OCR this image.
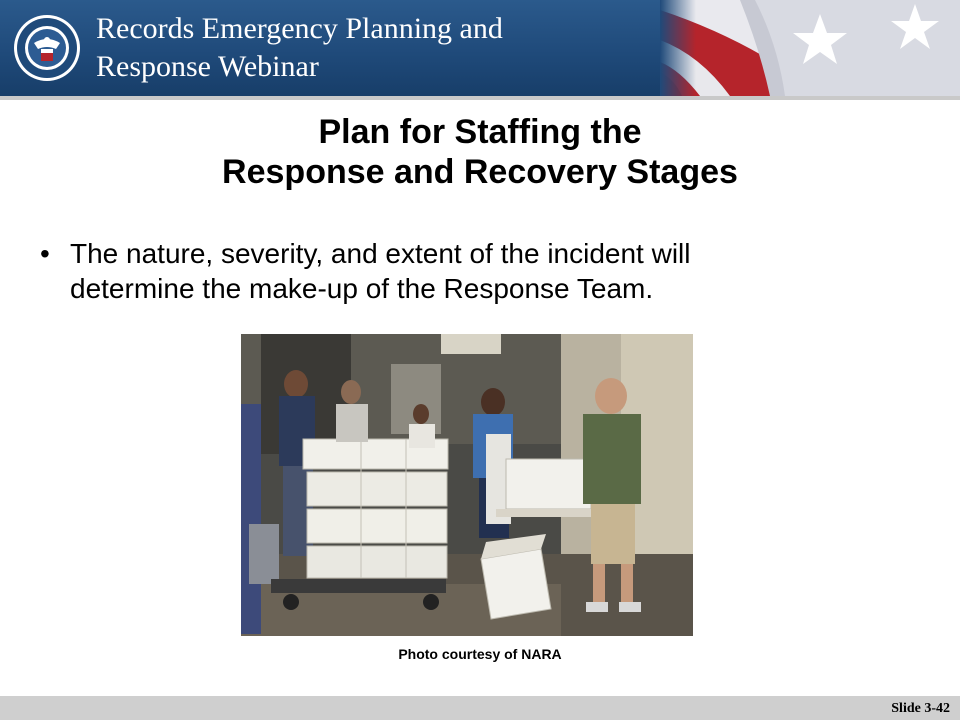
Records Emergency Planning and
Response Webinar
Plan for Staffing the
Response and Recovery Stages
• The nature, severity, and extent of the incident will
determine the make-up of the Response Team.
Photo courtesy of NARA
Slide 3-42
